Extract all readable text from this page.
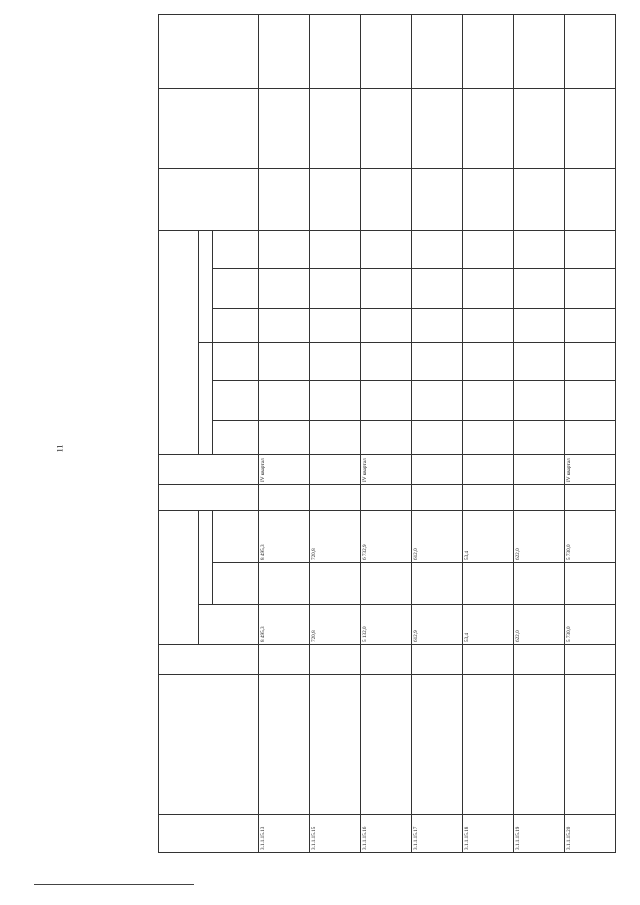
11

3.1.1.15.13			8 495,3		8 495,3		IV квартал									
3.1.1.15.15			720,8		720,8											
3.1.1.15.16			5 132,0		6 732,9		IV квартал									
3.1.1.15.17			612,9		612,0											
3.1.1.15.18			53,4		53,4											
3.1.1.15.19			622,0		622,0											
3.1.1.15.20			5 730,0		5 730,0		IV квартал									
